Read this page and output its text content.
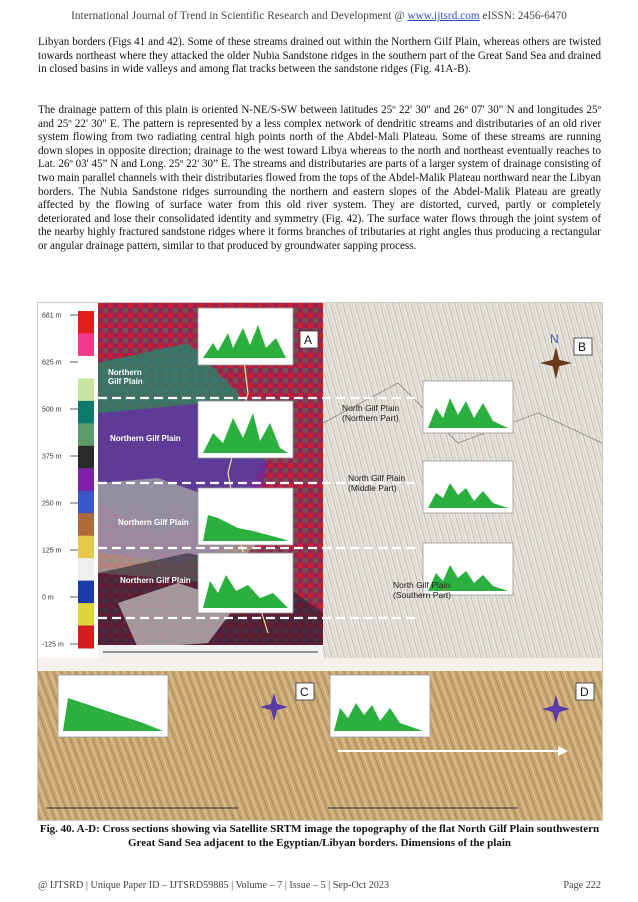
International Journal of Trend in Scientific Research and Development @ www.ijtsrd.com eISSN: 2456-6470
Libyan borders (Figs 41 and 42). Some of these streams drained out within the Northern Gilf Plain, whereas others are twisted towards northeast where they attacked the older Nubia Sandstone ridges in the southern part of the Great Sand Sea and drained in closed basins in wide valleys and among flat tracks between the sandstone ridges (Fig. 41A-B).
The drainage pattern of this plain is oriented N-NE/S-SW between latitudes 25º 22' 30" and 26º 07' 30" N and longitudes 25º and 25º 22' 30" E. The pattern is represented by a less complex network of dendritic streams and distributaries of an old river system flowing from two radiating central high points north of the Abdel-Mali Plateau. Some of these streams are running down slopes in opposite direction; drainage to the west toward Libya whereas to the north and northeast eventually reaches to Lat. 26º 03' 45” N and Long. 25º 22' 30” E. The streams and distributaries are parts of a larger system of drainage consisting of two main parallel channels with their distributaries flowed from the tops of the Abdel-Malik Plateau northward near the Libyan borders. The Nubia Sandstone ridges surrounding the northern and eastern slopes of the Abdel-Malik Plateau are greatly affected by the flowing of surface water from this old river system. They are distorted, curved, partly or completely deteriorated and lose their consolidated identity and symmetry (Fig. 42). The surface water flows through the joint system of the nearby highly fractured sandstone ridges where it forms branches of tributaries at right angles thus producing a rectangular or angular drainage pattern, similar to that produced by groundwater sapping process.
681 m
625 m
500 m
375 m
250 m
125 m
0 m
-125 m
A
Northern
Gilf Plain
Northern Gilf Plain
Northern Gilf Plain
Northern Gilf Plain
North Gilf Plain
(Northern Part)
North Gilf Plain
(Middle Part)
North Gilf Plain
(Southern Part)
N
B
C	D
Fig. 40. A-D: Cross sections showing via Satellite SRTM image the topography of the flat North Gilf Plain southwestern Great Sand Sea adjacent to the Egyptian/Libyan borders. Dimensions of the plain
@ IJTSRD | Unique Paper ID – IJTSRD59885 | Volume – 7 | Issue – 5 | Sep-Oct 2023	Page 222
